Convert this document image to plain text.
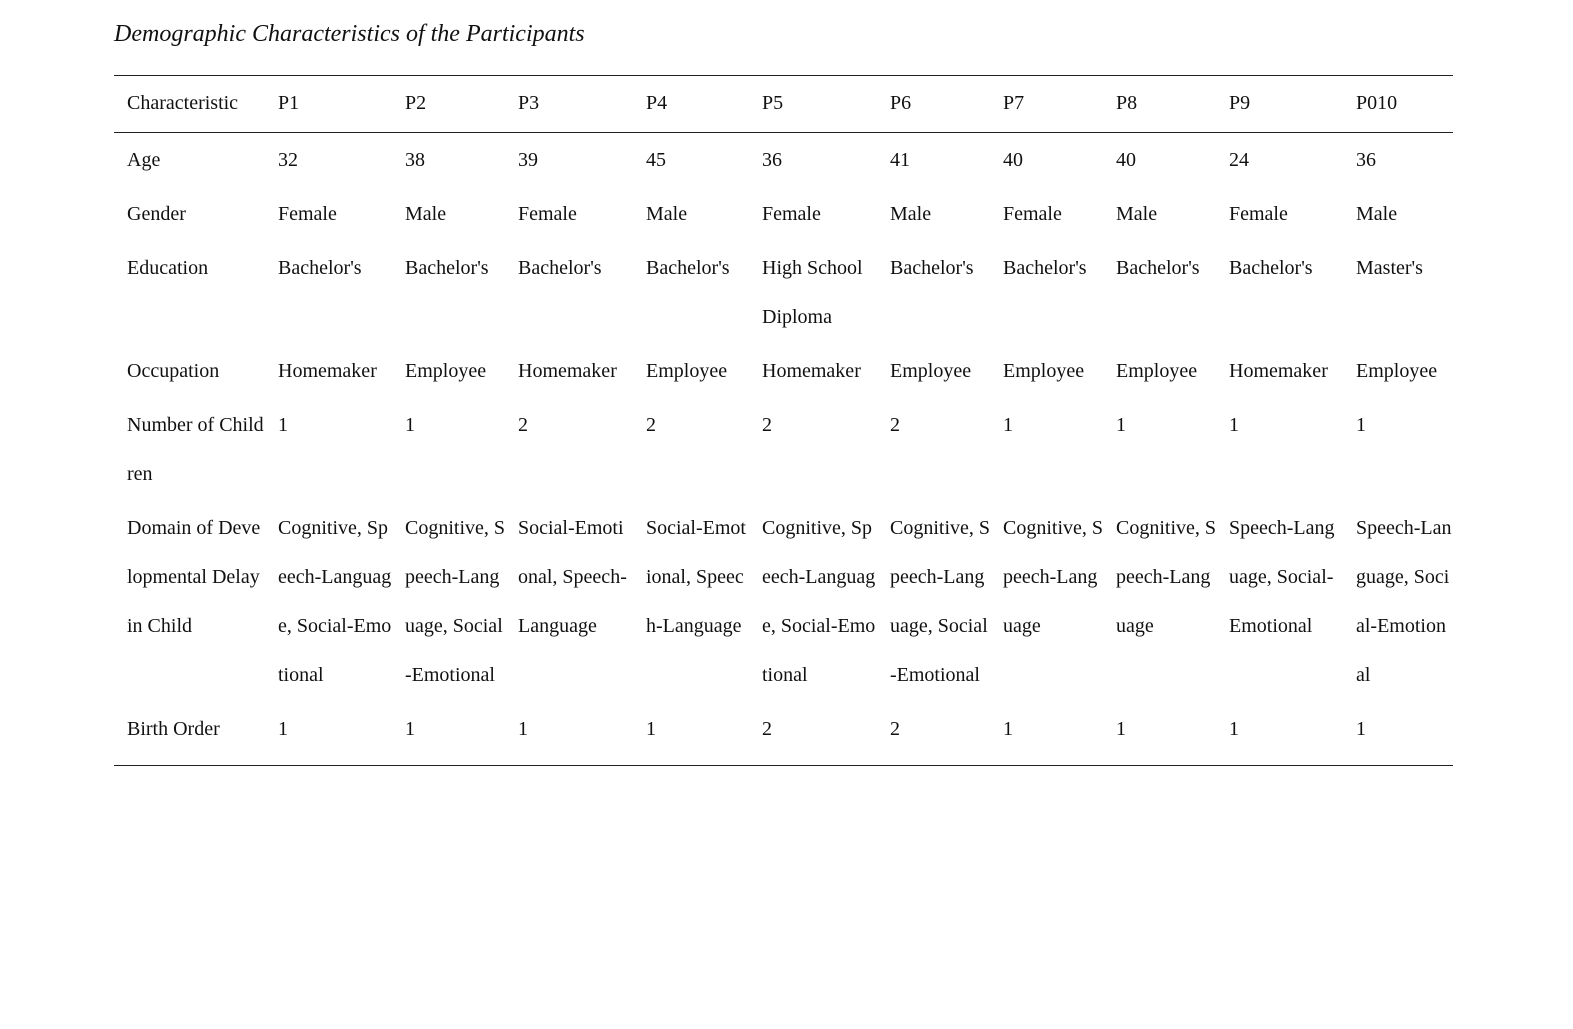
Demographic Characteristics of the Participants
Characteristic	P1	P2	P3	P4	P5	P6	P7	P8	P9	P010
Age	32	38	39	45	36	41	40	40	24	36
Gender	Female	Male	Female	Male	Female	Male	Female	Male	Female	Male
Education	Bachelor's	Bachelor's	Bachelor's	Bachelor's	High School Diploma	Bachelor's	Bachelor's	Bachelor's	Bachelor's	Master's
Occupation	Homemaker	Employee	Homemaker	Employee	Homemaker	Employee	Employee	Employee	Homemaker	Employee
Number of Children	1	1	2	2	2	2	1	1	1	1
Domain of Developmental Delay in Child	Cognitive, Speech-Language, Social-Emotional	Cognitive, Speech-Language, Social-Emotional	Social-Emotional, Speech-Language	Social-Emotional, Speech-Language	Cognitive, Speech-Language, Social-Emotional	Cognitive, Speech-Language, Social-Emotional	Cognitive, Speech-Language	Cognitive, Speech-Language	Speech-Language, Social-Emotional	Speech-Language, Social-Emotional
Birth Order	1	1	1	1	2	2	1	1	1	1
